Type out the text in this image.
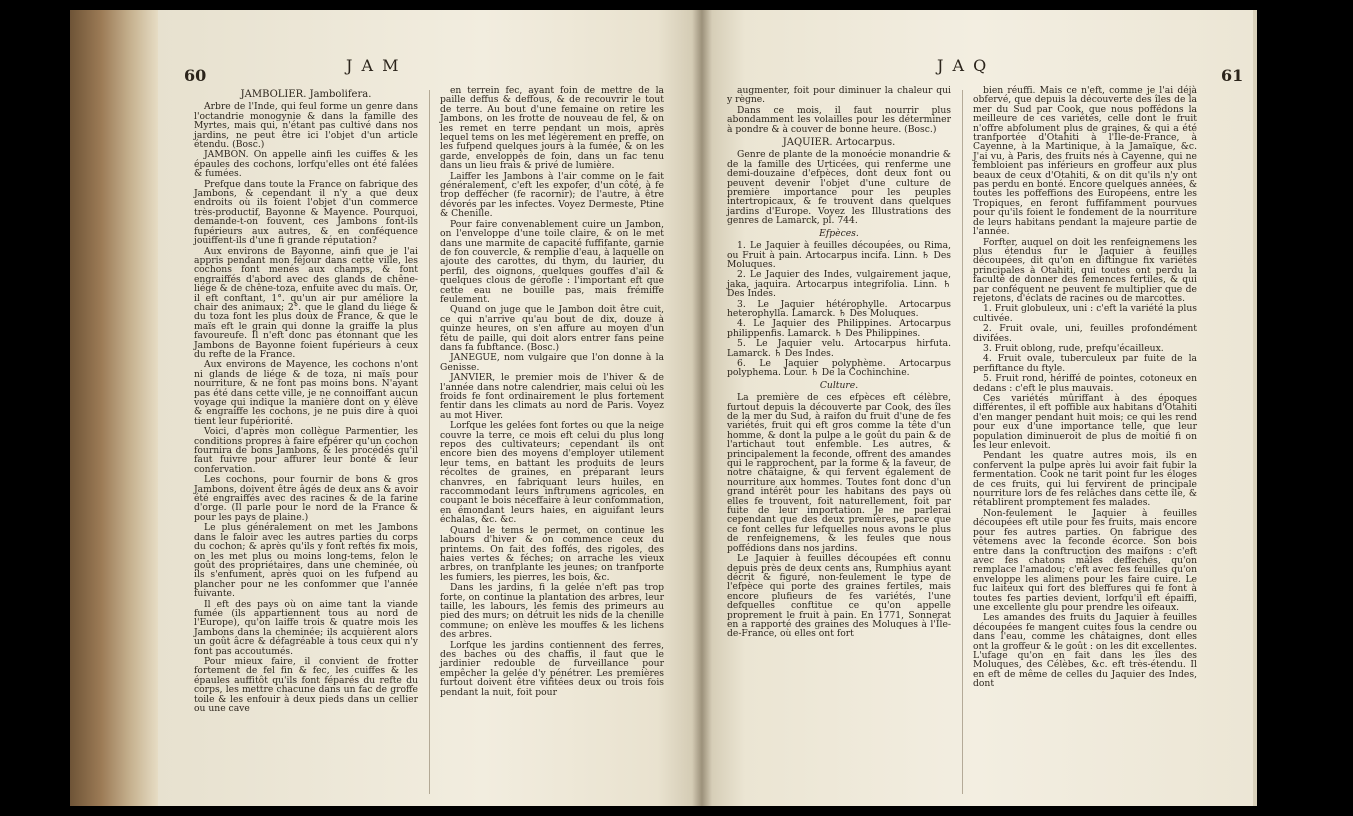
60
J A M

JAMBOLIER. Jambolifera.

Arbre de l'Inde, qui feul forme un genre dans l'octandrie monogynie & dans la famille des Myrtes, mais qui, n'étant pas cultivé dans nos jardins, ne peut être ici l'objet d'un article étendu. (Bosc.)

JAMBON. On appelle ainfi les cuiffes & les épaules des cochons, lorfqu'elles ont été falées & fumées.

Prefque dans toute la France on fabrique des Jambons, & cependant il n'y a que deux endroits où ils foient l'objet d'un commerce très-productif, Bayonne & Mayence. Pourquoi, demande-t-on fouvent, ces Jambons font-ils fupérieurs aux autres, & en conféquence jouiffent-ils d'une fi grande réputation?

Aux environs de Bayonne, ainfi que je l'ai appris pendant mon féjour dans cette ville, les cochons font menés aux champs, & font engraiffés d'abord avec des glands de chêne-liége & de chêne-toza, enfuite avec du maïs. Or, il eft conftant, 1°. qu'un air pur améliore la chair des animaux; 2°. que le gland du liége & du toza font les plus doux de France, & que le maïs eft le grain qui donne la graiffe la plus favoureufe. Il n'eft donc pas étonnant que les Jambons de Bayonne foient fupérieurs à ceux du refte de la France.

Aux environs de Mayence, les cochons n'ont ni glands de liége & de toza, ni maïs pour nourriture, & ne font pas moins bons. N'ayant pas été dans cette ville, je ne connoiffant aucun voyage qui indique la manière dont on y élève & engraiffe les cochons, je ne puis dire à quoi tient leur fupériorité.

Voici, d'après mon collègue Parmentier, les conditions propres à faire efpérer qu'un cochon fournira de bons Jambons, & les procédés qu'il faut fuivre pour affurer leur bonté & leur confervation.

Les cochons, pour fournir de bons & gros Jambons, doivent être âgés de deux ans & avoir été engraiffés avec des racines & de la farine d'orge. (Il parle pour le nord de la France & pour les pays de plaine.)

Le plus généralement on met les Jambons dans le faloir avec les autres parties du corps du cochon; & après qu'ils y font reftés fix mois, on les met plus ou moins long-tems, felon le goût des propriétaires, dans une cheminée, où ils s'enfument, après quoi on les fufpend au plancher pour ne les confommer que l'année fuivante.

Il eft des pays où on aime tant la viande fumée (ils appartiennent tous au nord de l'Europe), qu'on laiffe trois & quatre mois les Jambons dans la cheminée; ils acquièrent alors un goût âcre & défagréable à tous ceux qui n'y font pas accoutumés.

Pour mieux faire, il convient de frotter fortement de fel fin & fec, les cuiffes & les épaules auffitôt qu'ils font féparés du refte du corps, les mettre chacune dans un fac de groffe toile & les enfouir à deux pieds dans un cellier ou une cave

en terrein fec, ayant foin de mettre de la paille deffus & deffous, & de recouvrir le tout de terre. Au bout d'une femaine on retire les Jambons, on les frotte de nouveau de fel, & on les remet en terre pendant un mois, après lequel tems on les met légèrement en preffe, on les fufpend quelques jours à la fumée, & on les garde, enveloppés de foin, dans un fac tenu dans un lieu frais & privé de lumière.

Laiffer les Jambons à l'air comme on le fait généralement, c'eft les expofer, d'un côté, à fe trop deffécher (fe racornir); de l'autre, à être dévorés par les infectes. Voyez Dermeste, Ptine & Chenille.

Pour faire convenablement cuire un Jambon, on l'enveloppe d'une toile claire, & on le met dans une marmite de capacité fuffifante, garnie de fon couvercle, & remplie d'eau, à laquelle on ajoute des carottes, du thym, du laurier, du perfil, des oignons, quelques gouffes d'ail & quelques clous de gérofle : l'important eft que cette eau ne bouille pas, mais frémiffe feulement.

Quand on juge que le Jambon doit être cuit, ce qui n'arrive qu'au bout de dix, douze à quinze heures, on s'en affure au moyen d'un fétu de paille, qui doit alors entrer fans peine dans fa fubftance. (Bosc.)

JANEGUE, nom vulgaire que l'on donne à la Genisse.

JANVIER, le premier mois de l'hiver & de l'année dans notre calendrier, mais celui où les froids fe font ordinairement le plus fortement fentir dans les climats au nord de Paris. Voyez au mot Hiver.

Lorfque les gelées font fortes ou que la neige couvre la terre, ce mois eft celui du plus long repos des cultivateurs; cependant ils ont encore bien des moyens d'employer utilement leur tems, en battant les produits de leurs récoltes de graines, en préparant leurs chanvres, en fabriquant leurs huiles, en raccommodant leurs inftrumens agricoles, en coupant le bois néceffaire à leur confommation, en émondant leurs haies, en aiguifant leurs échalas, &c. &c.

Quand le tems le permet, on continue les labours d'hiver & on commence ceux du printems. On fait des foffés, des rigoles, des haies vertes & féches; on arrache les vieux arbres, on tranfplante les jeunes; on tranfporte les fumiers, les pierres, les bois, &c.

Dans les jardins, fi la gelée n'eft pas trop forte, on continue la plantation des arbres, leur taille, les labours, les femis des primeurs au pied des murs; on détruit les nids de la chenille commune; on enlève les mouffes & les lichens des arbres.

Lorfque les jardins contiennent des ferres, des baches ou des chaffis, il faut que le jardinier redouble de furveillance pour empêcher la gelée d'y pénétrer. Les premières furtout doivent être vifitées deux ou trois fois pendant la nuit, foit pour

J A Q
61

augmenter, foit pour diminuer la chaleur qui y règne.

Dans ce mois, il faut nourrir plus abondamment les volailles pour les déterminer à pondre & à couver de bonne heure. (Bosc.)

JAQUIER. Artocarpus.

Genre de plante de la monoécie monandrie & de la famille des Urticées, qui renferme une demi-douzaine d'efpèces, dont deux font ou peuvent devenir l'objet d'une culture de première importance pour les peuples intertropicaux, & fe trouvent dans quelques jardins d'Europe. Voyez les Illustrations des genres de Lamarck, pl. 744.

Efpèces.

1. Le Jaquier à feuilles découpées, ou Rima, ou Fruit à pain. Artocarpus incifa. Linn. ♄ Des Moluques.

2. Le Jaquier des Indes, vulgairement jaque, jaka, jaquira. Artocarpus integrifolia. Linn. ♄ Des Indes.

3. Le Jaquier hétérophylle. Artocarpus heterophylla. Lamarck. ♄ Des Moluques.

4. Le Jaquier des Philippines. Artocarpus philippenfis. Lamarck. ♄ Des Philippines.

5. Le Jaquier velu. Artocarpus hirfuta. Lamarck. ♄ Des Indes.

6. Le Jaquier polyphème. Artocarpus polyphema. Lour. ♄ De la Cochinchine.

Culture.

La première de ces efpèces eft célèbre, furtout depuis la découverte par Cook, des îles de la mer du Sud, à raifon du fruit d'une de fes variétés, fruit qui eft gros comme la tête d'un homme, & dont la pulpe a le goût du pain & de l'artichaut tout enfemble. Les autres, & principalement la feconde, offrent des amandes qui le rapprochent, par la forme & la faveur, de notre châtaigne, & qui fervent également de nourriture aux hommes. Toutes font donc d'un grand intérêt pour les habitans des pays où elles fe trouvent, foit naturellement, foit par fuite de leur importation. Je ne parlerai cependant que des deux premières, parce que ce font celles fur lefquelles nous avons le plus de renfeignemens, & les feules que nous poffédions dans nos jardins.

Le Jaquier à feuilles découpées eft connu depuis près de deux cents ans, Rumphius ayant décrit & figuré, non-feulement le type de l'efpèce qui porte des graines fertiles, mais encore plufieurs de fes variétés, l'une defquelles conftitue ce qu'on appelle proprement le fruit à pain. En 1771, Sonnerat en a rapporté des graines des Moluques à l'Île-de-France, où elles ont fort

bien réuffi. Mais ce n'eft, comme je l'ai déjà obfervé, que depuis la découverte des îles de la mer du Sud par Cook, que nous poffédons la meilleure de ces variétés, celle dont le fruit n'offre abfolument plus de graines, & qui a été tranfportée d'Otahiti à l'Île-de-France, à Cayenne, à la Martinique, à la Jamaïque, &c. J'ai vu, à Paris, des fruits nés à Cayenne, qui ne fembloient pas inférieurs en groffeur aux plus beaux de ceux d'Otahiti, & on dit qu'ils n'y ont pas perdu en bonté. Encore quelques années, & toutes les poffeffions des Européens, entre les Tropiques, en feront fuffifamment pourvues pour qu'ils foient le fondement de la nourriture de leurs habitans pendant la majeure partie de l'année.

Forfter, auquel on doit les renfeignemens les plus étendus fur le Jaquier à feuilles découpées, dit qu'on en diftingue fix variétés principales à Otahiti, qui toutes ont perdu la faculté de donner des femences fertiles, & qui par conféquent ne peuvent fe multiplier que de rejetons, d'éclats de racines ou de marcottes.

1. Fruit globuleux, uni : c'eft la variété la plus cultivée.

2. Fruit ovale, uni, feuilles profondément divifées.

3. Fruit oblong, rude, prefqu'écailleux.

4. Fruit ovale, tuberculeux par fuite de la perfiftance du ftyle.

5. Fruit rond, hériffé de pointes, cotoneux en dedans : c'eft le plus mauvais.

Ces variétés mûriffant à des époques différentes, il eft poffible aux habitans d'Otahiti d'en manger pendant huit mois; ce qui les rend pour eux d'une importance telle, que leur population diminueroit de plus de moitié fi on les leur enlevoit.

Pendant les quatre autres mois, ils en confervent la pulpe après lui avoir fait fubir la fermentation. Cook ne tarit point fur les éloges de ces fruits, qui lui fervirent de principale nourriture lors de fes relâches dans cette île, & rétablirent promptement fes malades.

Non-feulement le Jaquier à feuilles découpées eft utile pour fes fruits, mais encore pour fes autres parties. On fabrique des vêtemens avec la feconde écorce. Son bois entre dans la conftruction des maifons : c'eft avec fes chatons mâles deffechés, qu'on remplace l'amadou; c'eft avec fes feuilles qu'on enveloppe les alimens pour les faire cuire. Le fuc laiteux qui fort des bleffures qui fe font à toutes fes parties devient, lorfqu'il eft épaiffi, une excellente glu pour prendre les oifeaux.

Les amandes des fruits du Jaquier à feuilles découpées fe mangent cuites fous la cendre ou dans l'eau, comme les châtaignes, dont elles ont la groffeur & le goût : on les dit excellentes. L'ufage qu'on en fait dans les îles des Moluques, des Célèbes, &c. eft très-étendu. Il en eft de même de celles du Jaquier des Indes, dont
